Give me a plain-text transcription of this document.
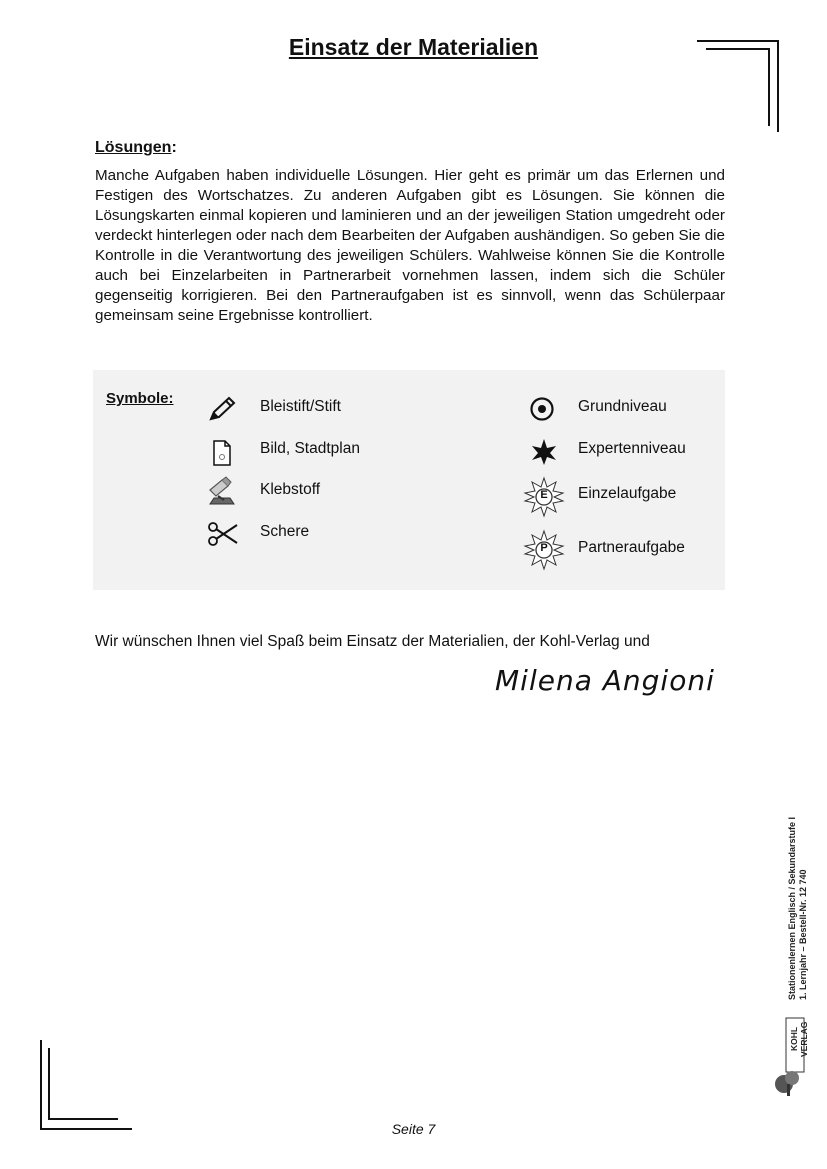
Einsatz der Materialien
Lösungen:
Manche Aufgaben haben individuelle Lösungen. Hier geht es primär um das Erlernen und Festigen des Wortschatzes. Zu anderen Aufgaben gibt es Lösungen. Sie können die Lösungskarten einmal kopieren und laminieren und an der jeweiligen Station umgedreht oder verdeckt hinterlegen oder nach dem Bearbeiten der Aufgaben aushändigen. So geben Sie die Kontrolle in die Verantwortung des jeweiligen Schülers. Wahlweise können Sie die Kontrolle auch bei Einzelarbeiten in Partnerarbeit vornehmen lassen, indem sich die Schüler gegenseitig korrigieren. Bei den Partneraufgaben ist es sinnvoll, wenn das Schülerpaar gemeinsam seine Ergebnisse kontrolliert.
Symbole:	Bleistift/Stift
Bild, Stadtplan
Klebstoff
Schere
Grundniveau
Expertenniveau
E Einzelaufgabe
P Partneraufgabe
Wir wünschen Ihnen viel Spaß beim Einsatz der Materialien, der Kohl-Verlag und
Milena Angioni
Stationenlernen Englisch / Sekundarstufe I 1. Lernjahr – Bestell-Nr. 12 740
KOHL VERLAG
Seite 7
